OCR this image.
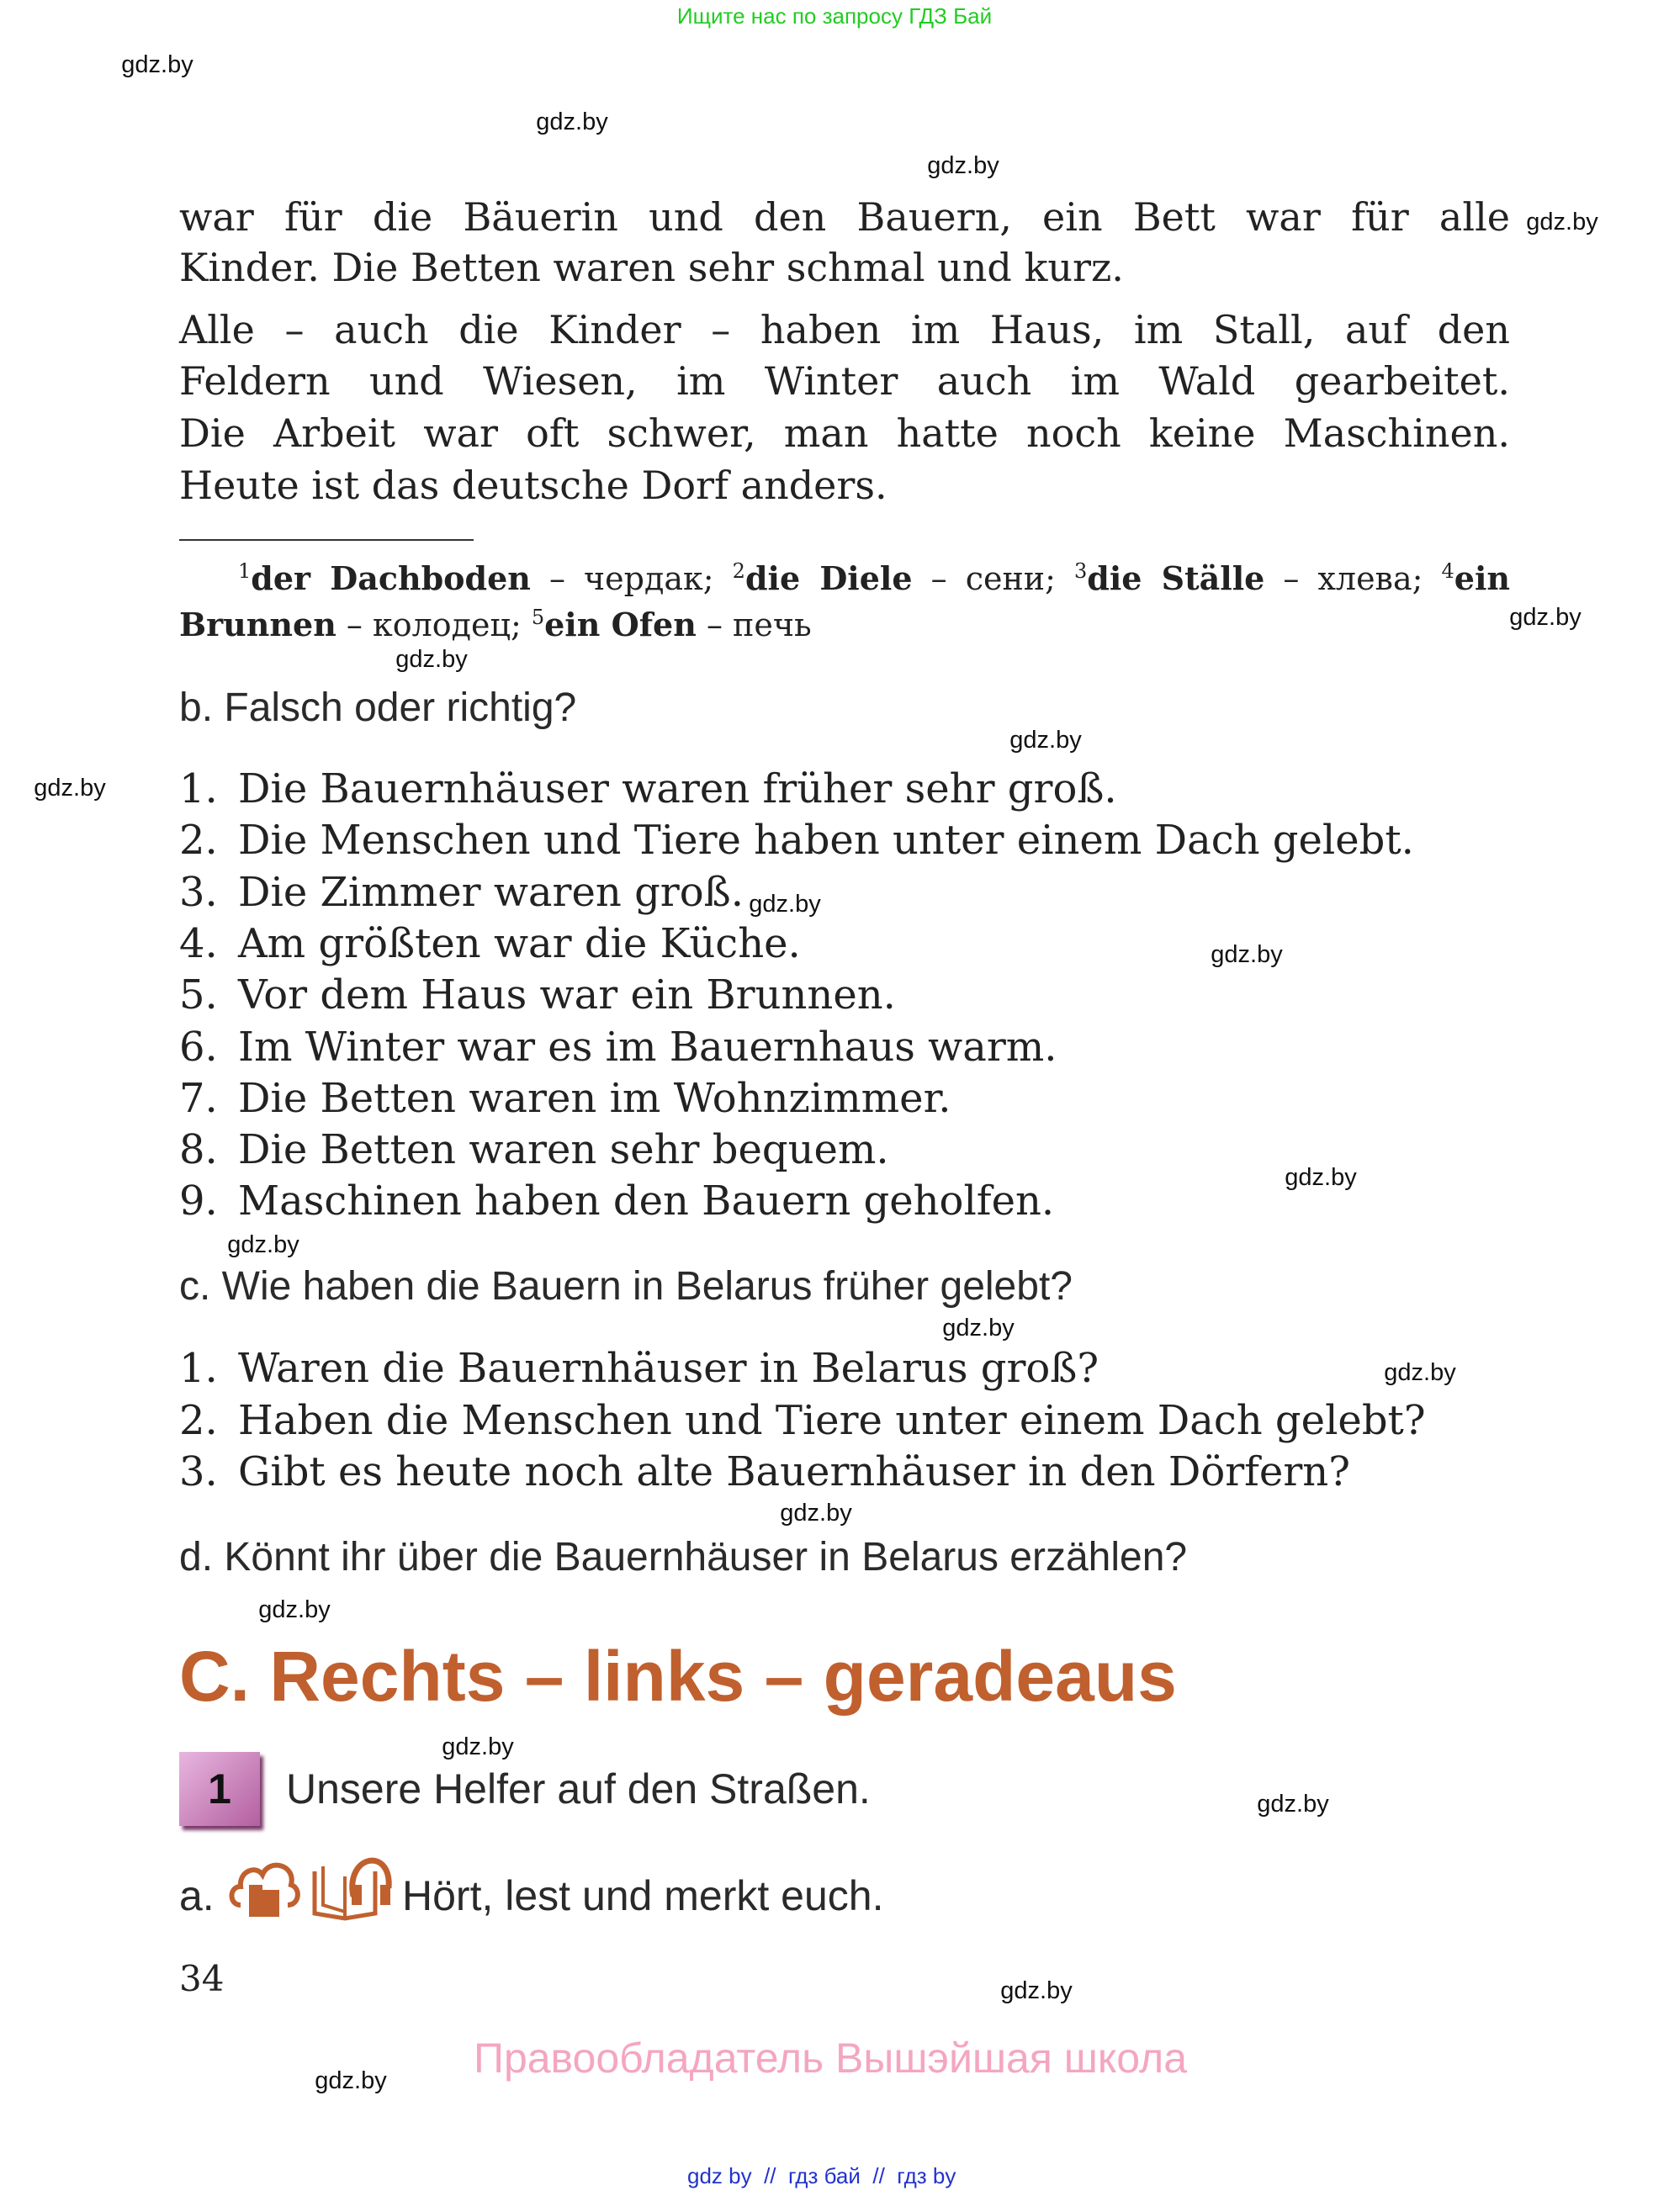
Ищите нас по запросу ГДЗ Бай
war für die Bäuerin und den Bauern, ein Bett war für alle
Kinder. Die Betten waren sehr schmal und kurz.
Alle – auch die Kinder – haben im Haus, im Stall, auf den
Feldern und Wiesen, im Winter auch im Wald gearbeitet.
Die Arbeit war oft schwer, man hatte noch keine Maschinen.
Heute ist das deutsche Dorf anders.
$^1$der Dachboden – чердак; $^2$die Diele – сени; $^3$die Ställe – хлева; $^4$ein
Brunnen – колодец; $^5$ein Ofen – печь
b. Falsch oder richtig?
1. Die Bauernhäuser waren früher sehr groß.
2. Die Menschen und Tiere haben unter einem Dach gelebt.
3. Die Zimmer waren groß.
4. Am größten war die Küche.
5. Vor dem Haus war ein Brunnen.
6. Im Winter war es im Bauernhaus warm.
7. Die Betten waren im Wohnzimmer.
8. Die Betten waren sehr bequem.
9. Maschinen haben den Bauern geholfen.
c. Wie haben die Bauern in Belarus früher gelebt?
1. Waren die Bauernhäuser in Belarus groß?
2. Haben die Menschen und Tiere unter einem Dach gelebt?
3. Gibt es heute noch alte Bauernhäuser in den Dörfern?
d. Könnt ihr über die Bauernhäuser in Belarus erzählen?
C. Rechts – links – geradeaus
1	Unsere Helfer auf den Straßen.
a.	Hört, lest und merkt euch.
34
Правообладатель Вышэйшая школа
gdz by // гдз бай // гдз by
gdz.by
gdz.by
gdz.by
gdz.by
gdz.by
gdz.by
gdz.by
gdz.by
gdz.by
gdz.by
gdz.by
gdz.by
gdz.by
gdz.by
gdz.by
gdz.by
gdz.by
gdz.by
gdz.by
gdz.by
